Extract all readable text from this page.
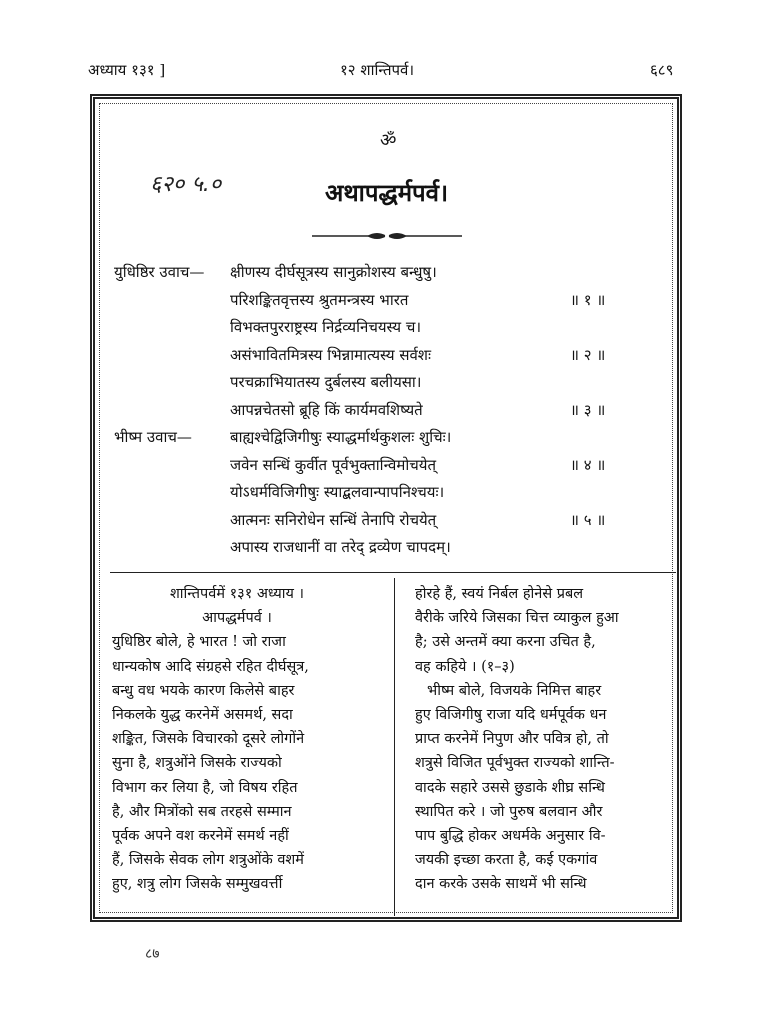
अध्याय १३१ ]	१२ शान्तिपर्व।	६८९
ॐ
६२० ५.०	अथापद्धर्मपर्व।
युधिष्ठिर उवाच— क्षीणस्य दीर्घसूत्रस्य सानुक्रोशस्य बन्धुषु।
परिशङ्कितवृत्तस्य श्रुतमन्त्रस्य भारत	॥ १ ॥
विभक्तपुरराष्ट्रस्य निर्द्रव्यनिचयस्य च।
असंभावितमित्रस्य भिन्नामात्यस्य सर्वशः	॥ २ ॥
परचक्राभियातस्य दुर्बलस्य बलीयसा।
आपन्नचेतसो ब्रूहि किं कार्यमवशिष्यते	॥ ३ ॥
भीष्म उवाच—	बाह्यश्चेद्विजिगीषुः स्याद्धर्मार्थकुशलः शुचिः।
जवेन सन्धिं कुर्वीत पूर्वभुक्तान्विमोचयेत्	॥ ४ ॥
योऽधर्मविजिगीषुः स्याद्बलवान्पापनिश्चयः।
आत्मनः सनिरोधेन सन्धिं तेनापि रोचयेत्	॥ ५ ॥
अपास्य राजधानीं वा तरेद् द्रव्येण चापदम्।
शान्तिपर्वमें १३१ अध्याय ।
आपद्धर्मपर्व ।
युधिष्ठिर बोले, हे भारत ! जो राजा
धान्यकोष आदि संग्रहसे रहित दीर्घसूत्र,
बन्धु वध भयके कारण किलेसे बाहर
निकलके युद्ध करनेमें असमर्थ, सदा
शङ्कित, जिसके विचारको दूसरे लोगोंने
सुना है, शत्रुओंने जिसके राज्यको
विभाग कर लिया है, जो विषय रहित
है, और मित्रोंको सब तरहसे सम्मान
पूर्वक अपने वश करनेमें समर्थ नहीं
हैं, जिसके सेवक लोग शत्रुओंके वशमें
हुए, शत्रु लोग जिसके सम्मुखवर्त्ती
होरहे हैं, स्वयं निर्बल होनेसे प्रबल
वैरीके जरिये जिसका चित्त व्याकुल हुआ
है; उसे अन्तमें क्या करना उचित है,
वह कहिये । (१–३)
भीष्म बोले, विजयके निमित्त बाहर
हुए विजिगीषु राजा यदि धर्मपूर्वक धन
प्राप्त करनेमें निपुण और पवित्र हो, तो
शत्रुसे विजित पूर्वभुक्त राज्यको शान्ति-
वादके सहारे उससे छुडाके शीघ्र सन्धि
स्थापित करे । जो पुरुष बलवान और
पाप बुद्धि होकर अधर्मके अनुसार वि-
जयकी इच्छा करता है, कई एकगांव
दान करके उसके साथमें भी सन्धि
८७
